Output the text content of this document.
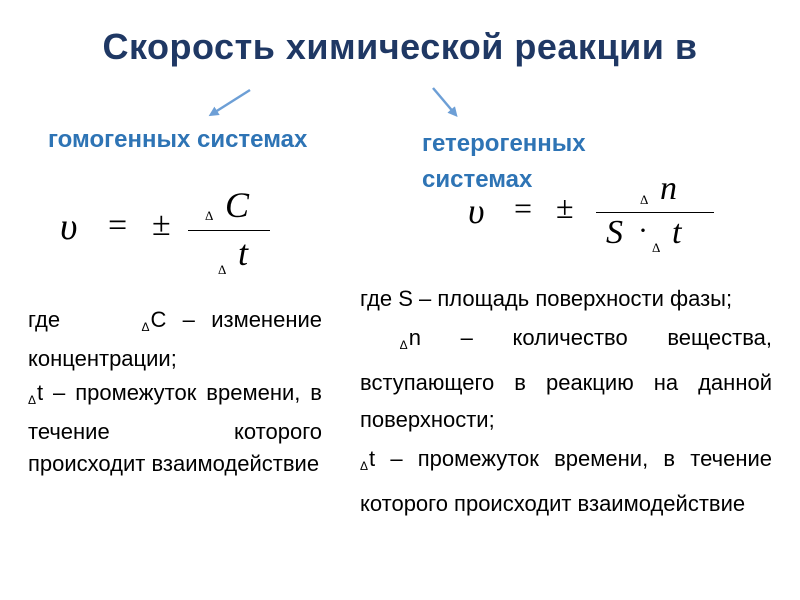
Скорость химической реакции в
гомогенных системах	гетерогенных системах
υ = ±	Δ C
Δ t
υ = ±	Δ n
S ·
Δ t

где	ΔC – изменение концентрации;

Δt – промежуток времени, в течение которого происходит взаимодействие

где S – площадь поверхности фазы;

Δn – количество вещества, вступающего в реакцию на данной поверхности;

Δt – промежуток времени, в течение которого происходит взаимодействие
